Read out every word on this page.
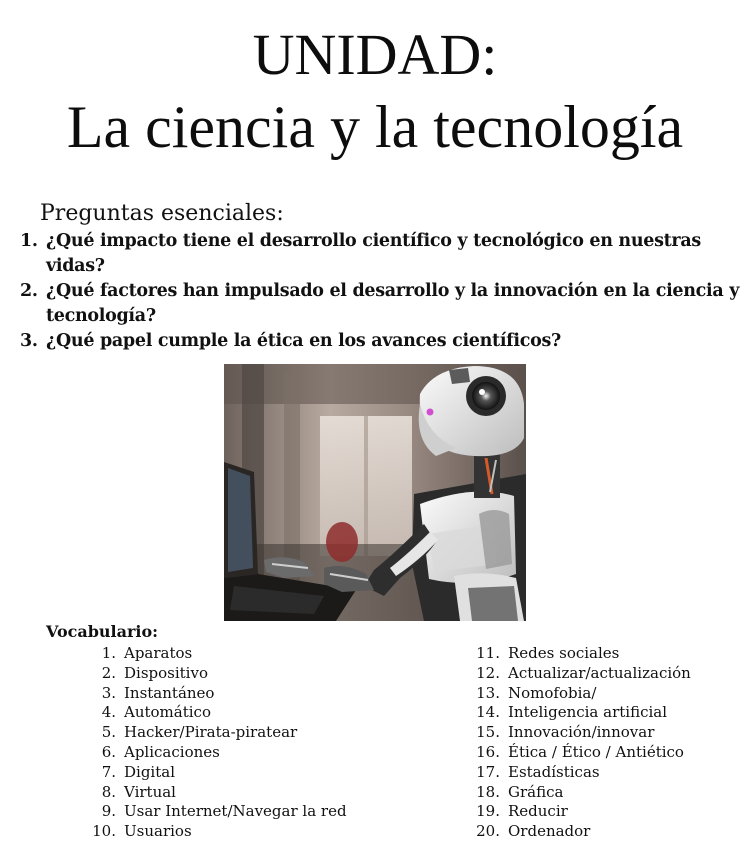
UNIDAD:
La ciencia y la tecnología
Preguntas esenciales:
1. ¿Qué impacto tiene el desarrollo científico y tecnológico en nuestras vidas?
2. ¿Qué factores han impulsado el desarrollo y la innovación en la ciencia y tecnología?
3. ¿Qué papel cumple la ética en los avances científicos?
Vocabulario:
1. Aparatos
2. Dispositivo
3. Instantáneo
4. Automático
5. Hacker/Pirata-piratear
6. Aplicaciones
7. Digital
8. Virtual
9. Usar Internet/Navegar la red
10. Usuarios
11. Redes sociales
12. Actualizar/actualización
13. Nomofobia/
14. Inteligencia artificial
15. Innovación/innovar
16. Ética / Ético / Antiético
17. Estadísticas
18. Gráfica
19. Reducir
20. Ordenador
